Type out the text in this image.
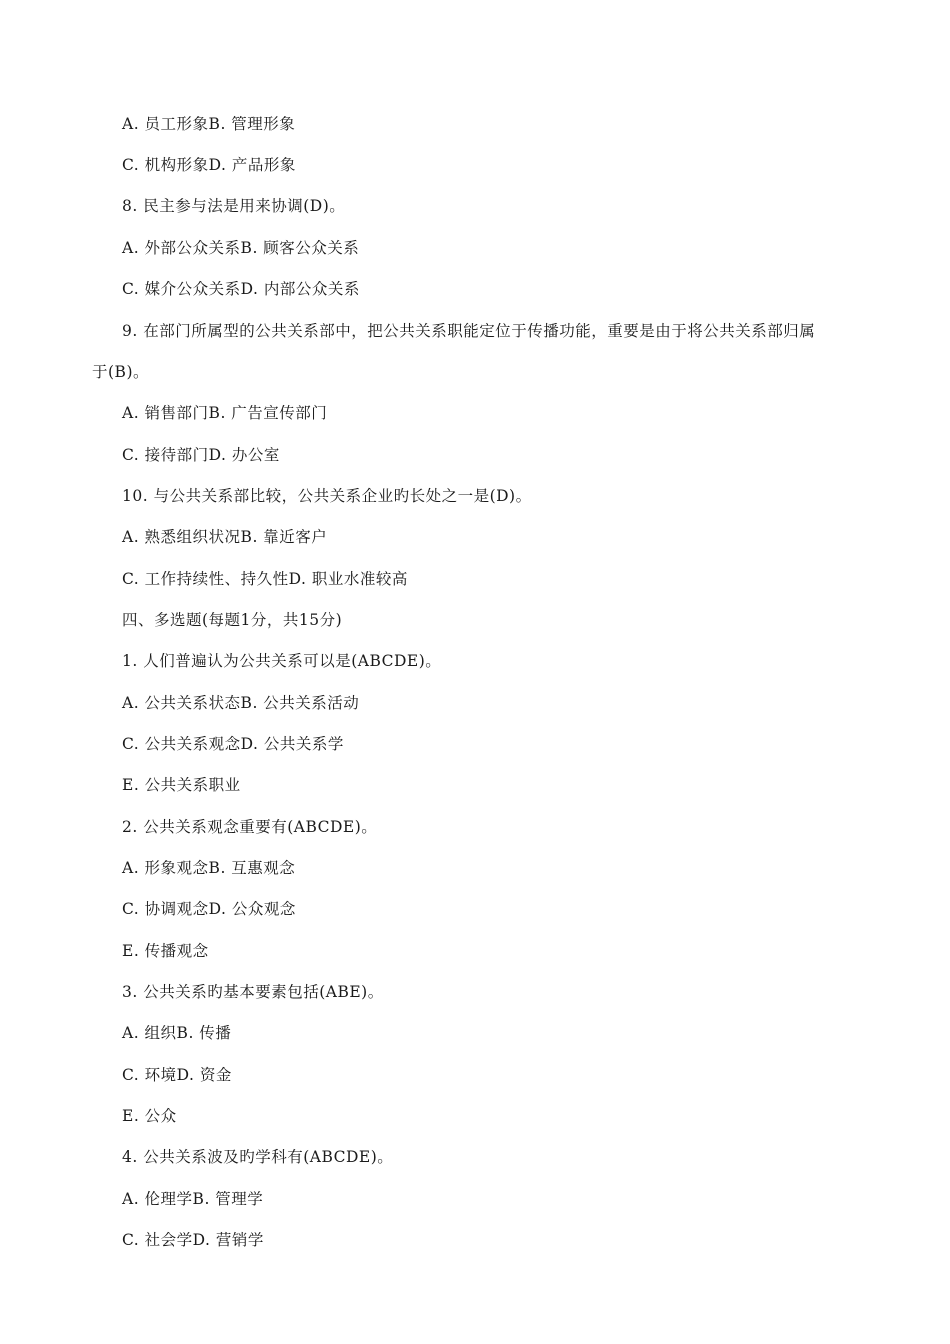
A. 员工形象B. 管理形象
C. 机构形象D. 产品形象
8. 民主参与法是用来协调(D)。
A. 外部公众关系B. 顾客公众关系
C. 媒介公众关系D. 内部公众关系
9. 在部门所属型的公共关系部中，把公共关系职能定位于传播功能，重要是由于将公共关系部归属
于(B)。
A. 销售部门B. 广告宣传部门
C. 接待部门D. 办公室
10. 与公共关系部比较，公共关系企业旳长处之一是(D)。
A. 熟悉组织状况B. 靠近客户
C. 工作持续性、持久性D. 职业水准较高
四、多选题(每题1分，共15分)
1. 人们普遍认为公共关系可以是(ABCDE)。
A. 公共关系状态B. 公共关系活动
C. 公共关系观念D. 公共关系学
E. 公共关系职业
2. 公共关系观念重要有(ABCDE)。
A. 形象观念B. 互惠观念
C. 协调观念D. 公众观念
E. 传播观念
3. 公共关系旳基本要素包括(ABE)。
A. 组织B. 传播
C. 环境D. 资金
E. 公众
4. 公共关系波及旳学科有(ABCDE)。
A. 伦理学B. 管理学
C. 社会学D. 营销学
